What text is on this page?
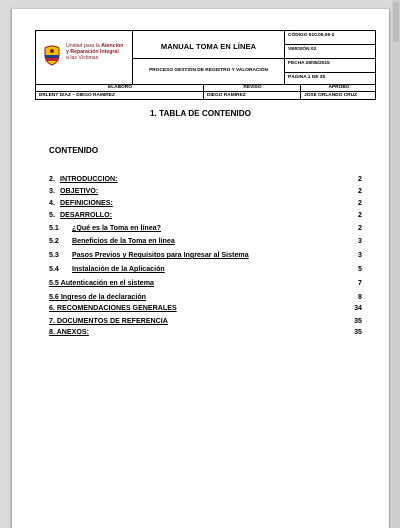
Unidad para la Atención
y Reparación Integral
a las Víctimas
MANUAL TOMA EN LÍNEA
PROCESO GESTIÓN DE REGISTRO Y VALORACIÓN
CÓDIGO 510.05.06-2
VERSIÓN 02
FECHA 28/08/2015
PÁGINA 1 DE 35
ELABORÓ	REVISÓ	APROBÓ
ERLENY DIAZ – DIEGO RAMIREZ	DIEGO RAMIREZ	JOSE ORLANDO CRUZ
1. TABLA DE CONTENIDO
CONTENIDO
2. INTRODUCCION:	2
3. OBJETIVO:	2
4. DEFINICIONES:	2
5. DESARROLLO:	2
5.1 ¿Qué es la Toma en línea?	2
5.2 Beneficios de la Toma en línea	3
5.3 Pasos Previos y Requisitos para Ingresar al Sistema	3
5.4 Instalación de la Aplicación	5
5.5 Autenticación en el sistema	7
5.6 Ingreso de la declaración	8
6. RECOMENDACIONES GENERALES	34
7. DOCUMENTOS DE REFERENCIA	35
8. ANEXOS:	35
